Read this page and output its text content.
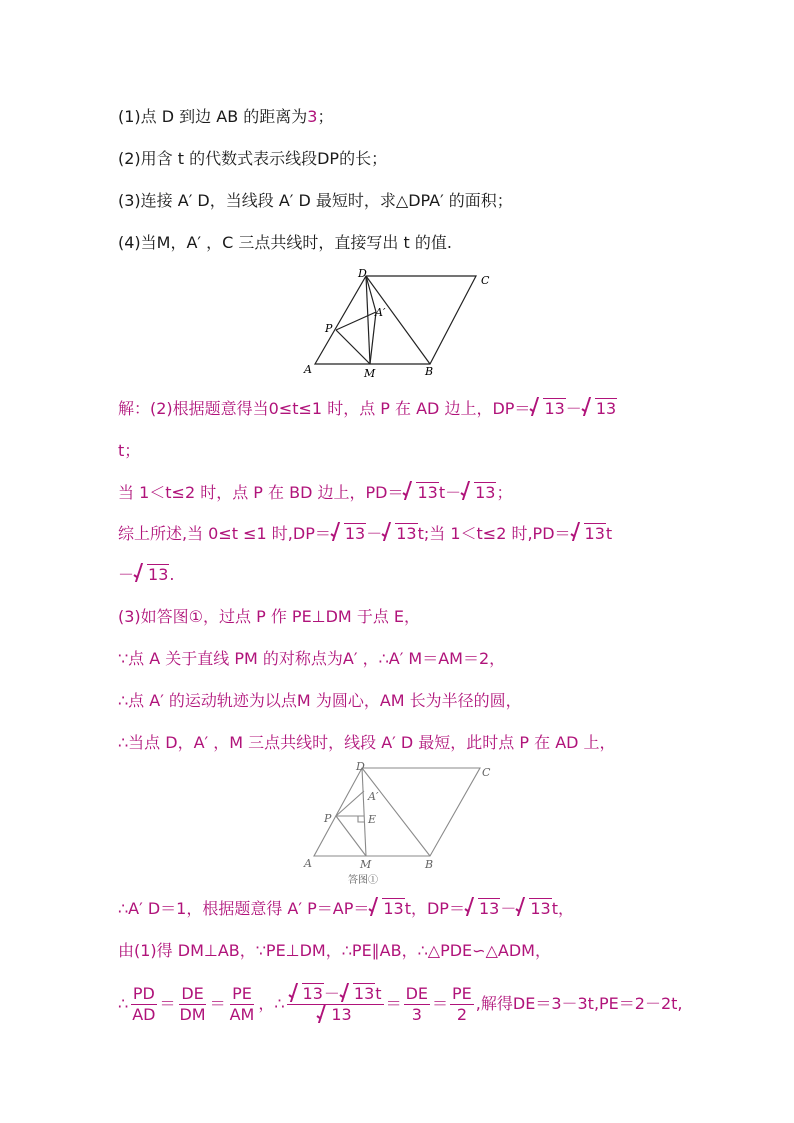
(1)点 D 到边 AB 的距离为3；
(2)用含 t 的代数式表示线段DP的长；
(3)连接 A′ D，当线段 A′ D 最短时，求△DPA′ 的面积；
(4)当M，A′ ，C 三点共线时，直接写出 t 的值.
D
C
A′
P
A	M	B
解：(2)根据题意得当0≤t≤1 时，点 P 在 AD 边上，DP＝ 13－ 13
t；
当 1＜t≤2 时，点 P 在 BD 边上，PD＝ 13t－ 13；
综上所述,当 0≤t ≤1 时,DP＝ 13－ 13t;当 1＜t≤2 时,PD＝ 13t
－ 13.
(3)如答图①，过点 P 作 PE⊥DM 于点 E，
∵点 A 关于直线 PM 的对称点为A′ ，∴A′ M＝AM＝2，
∴点 A′ 的运动轨迹为以点M 为圆心，AM 长为半径的圆，
∴当点 D，A′ ，M 三点共线时，线段 A′ D 最短，此时点 P 在 AD 上，
D	C
A′
P	E
A	M	B
答图①
∴A′ D＝1，根据题意得 A′ P＝AP＝ 13t，DP＝ 13－ 13t，
由(1)得 DM⊥AB，∵PE⊥DM，∴PE∥AB，∴△PDE∽△ADM，
∴ $\frac{PD}{AD} = \frac{DE}{DM} = \frac{PE}{AM}$ ，∴ $\frac{13- 13t}{13} = \frac{DE}{3} = \frac{PE}{2}$ ,解得DE＝3－3t,PE＝2－2t,
